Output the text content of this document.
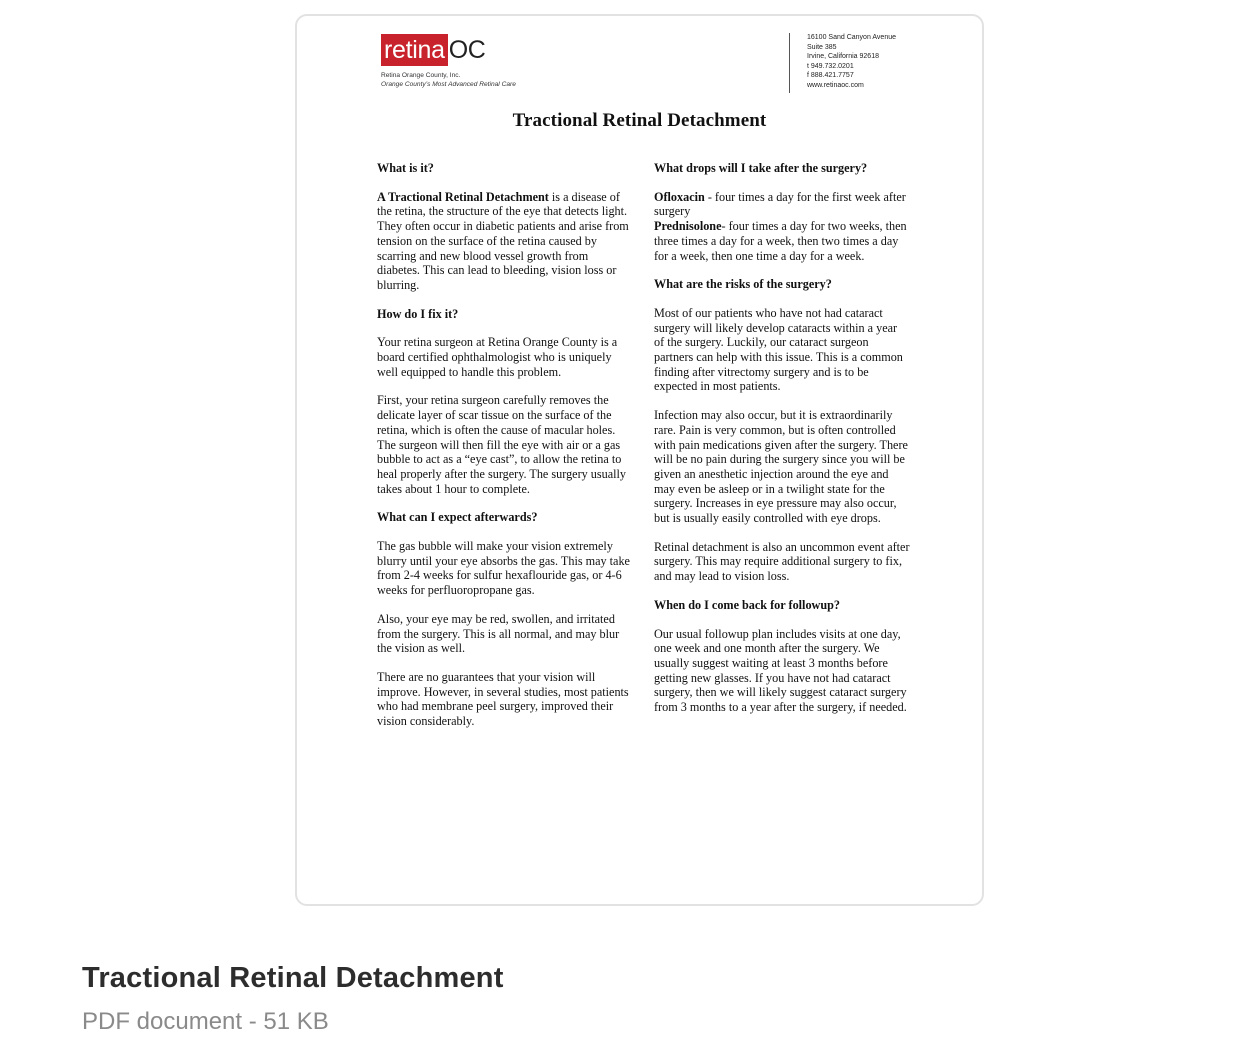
retina OC
Retina Orange County, Inc.
Orange County’s Most Advanced Retinal Care
16100 Sand Canyon Avenue
Suite 385
Irvine, California 92618
t 949.732.0201
f 888.421.7757
www.retinaoc.com
Tractional Retinal Detachment
What is it?

A Tractional Retinal Detachment is a disease of the retina, the structure of the eye that detects light. They often occur in diabetic patients and arise from tension on the surface of the retina caused by scarring and new blood vessel growth from diabetes. This can lead to bleeding, vision loss or blurring.

How do I fix it?

Your retina surgeon at Retina Orange County is a board certified ophthalmologist who is uniquely well equipped to handle this problem.

First, your retina surgeon carefully removes the delicate layer of scar tissue on the surface of the retina, which is often the cause of macular holes. The surgeon will then fill the eye with air or a gas bubble to act as a “eye cast”, to allow the retina to heal properly after the surgery. The surgery usually takes about 1 hour to complete.

What can I expect afterwards?

The gas bubble will make your vision extremely blurry until your eye absorbs the gas. This may take from 2-4 weeks for sulfur hexaflouride gas, or 4-6 weeks for perfluoropropane gas.

Also, your eye may be red, swollen, and irritated from the surgery. This is all normal, and may blur the vision as well.

There are no guarantees that your vision will improve. However, in several studies, most patients who had membrane peel surgery, improved their vision considerably.

What drops will I take after the surgery?

Ofloxacin - four times a day for the first week after surgery

Prednisolone- four times a day for two weeks, then three times a day for a week, then two times a day for a week, then one time a day for a week.

What are the risks of the surgery?

Most of our patients who have not had cataract surgery will likely develop cataracts within a year of the surgery. Luckily, our cataract surgeon partners can help with this issue. This is a common finding after vitrectomy surgery and is to be expected in most patients.

Infection may also occur, but it is extraordinarily rare. Pain is very common, but is often controlled with pain medications given after the surgery. There will be no pain during the surgery since you will be given an anesthetic injection around the eye and may even be asleep or in a twilight state for the surgery. Increases in eye pressure may also occur, but is usually easily controlled with eye drops.

Retinal detachment is also an uncommon event after surgery. This may require additional surgery to fix, and may lead to vision loss.

When do I come back for followup?

Our usual followup plan includes visits at one day, one week and one month after the surgery. We usually suggest waiting at least 3 months before getting new glasses. If you have not had cataract surgery, then we will likely suggest cataract surgery from 3 months to a year after the surgery, if needed.

Tractional Retinal Detachment
PDF document - 51 KB
